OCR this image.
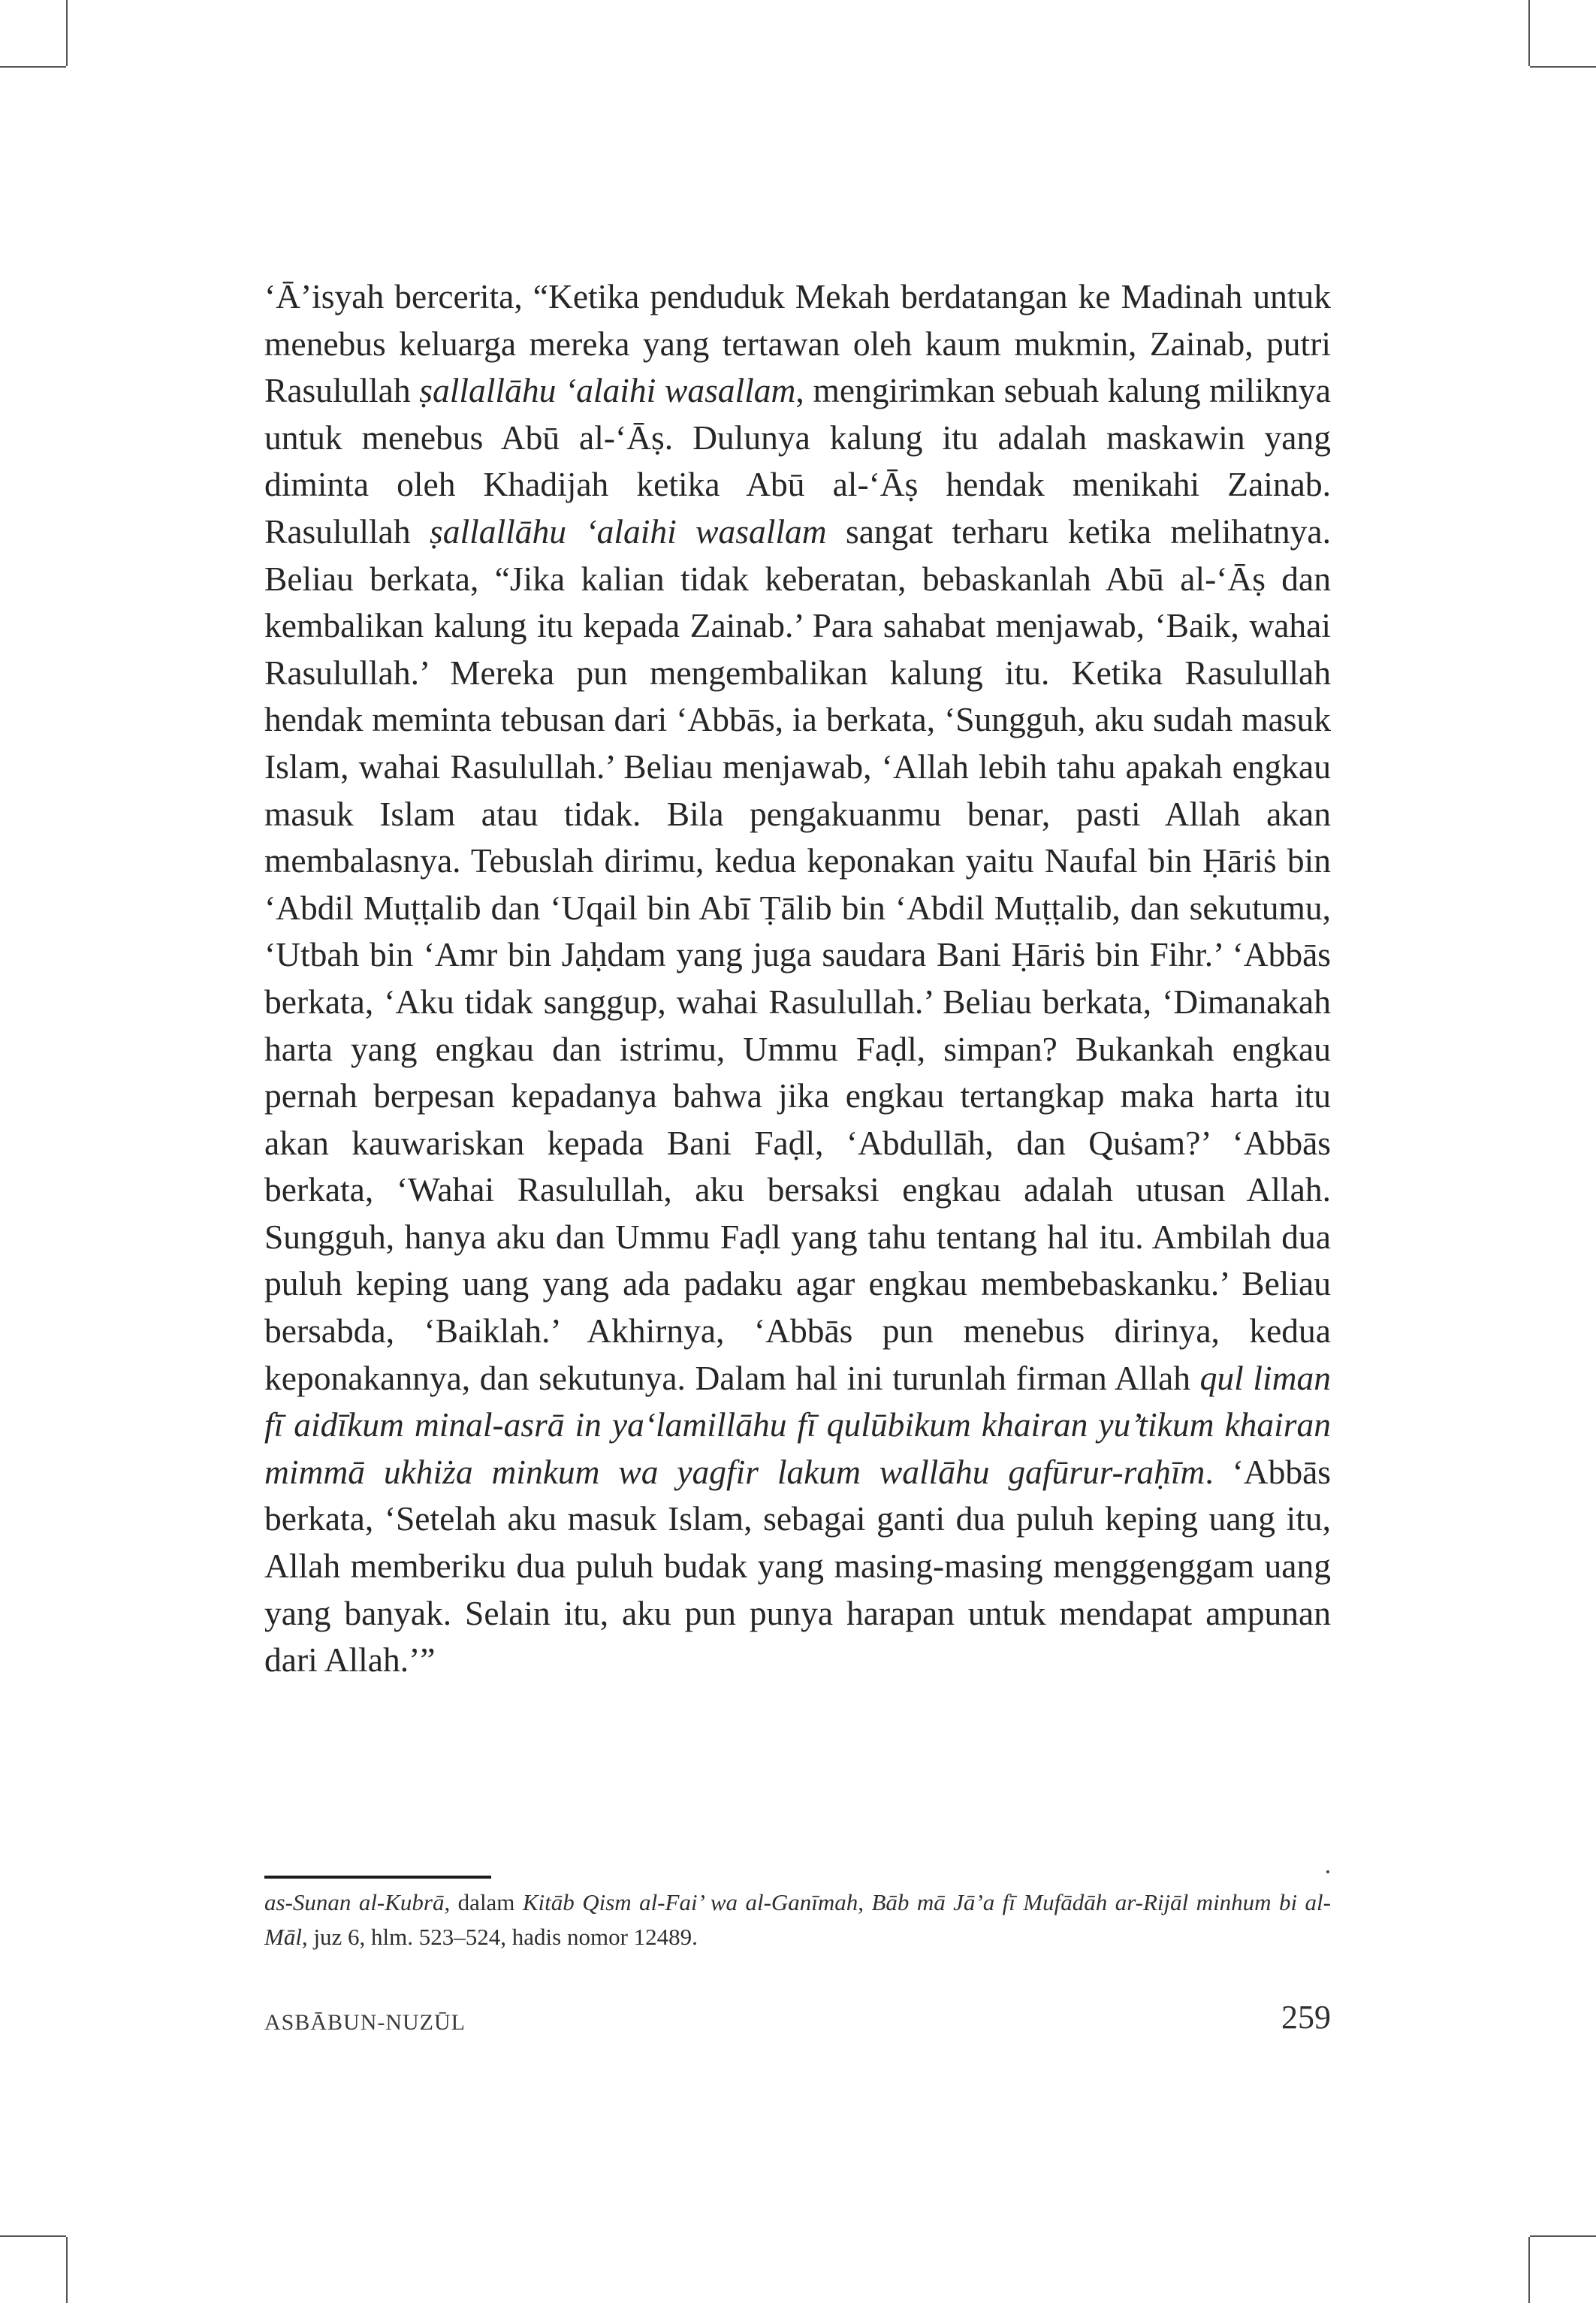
‘Ā’isyah bercerita, “Ketika penduduk Mekah berdatangan ke Madinah untuk menebus keluarga mereka yang tertawan oleh kaum mukmin, Zainab, putri Rasulullah ṣallallāhu ‘alaihi wasallam, mengirimkan sebuah kalung miliknya untuk menebus Abū al-‘Āṣ. Dulunya kalung itu adalah maskawin yang diminta oleh Khadijah ketika Abū al-‘Āṣ hendak menikahi Zainab. Rasulullah ṣallallāhu ‘alaihi wasallam sangat terharu ketika melihatnya. Beliau berkata, “Jika kalian tidak keberatan, bebaskanlah Abū al-‘Āṣ dan kembalikan kalung itu kepada Zainab.’ Para sahabat menjawab, ‘Baik, wahai Rasulullah.’ Mereka pun mengembalikan kalung itu. Ketika Rasulullah hendak meminta tebusan dari ‘Abbās, ia berkata, ‘Sungguh, aku sudah masuk Islam, wahai Rasulullah.’ Beliau menjawab, ‘Allah lebih tahu apakah engkau masuk Islam atau tidak. Bila pengakuanmu benar, pasti Allah akan membalasnya. Tebuslah dirimu, kedua keponakan yaitu Naufal bin Ḥāriṡ bin ‘Abdil Muṭṭalib dan ‘Uqail bin Abī Ṭālib bin ‘Abdil Muṭṭalib, dan sekutumu, ‘Utbah bin ‘Amr bin Jaḥdam yang juga saudara Bani Ḥāriṡ bin Fihr.’ ‘Abbās berkata, ‘Aku tidak sanggup, wahai Rasulullah.’ Beliau berkata, ‘Dimanakah harta yang engkau dan istrimu, Ummu Faḍl, simpan? Bukankah engkau pernah berpesan kepadanya bahwa jika engkau tertangkap maka harta itu akan kauwariskan kepada Bani Faḍl, ‘Abdullāh, dan Quṡam?’ ‘Abbās berkata, ‘Wahai Rasulullah, aku bersaksi engkau adalah utusan Allah. Sungguh, hanya aku dan Ummu Faḍl yang tahu tentang hal itu. Ambilah dua puluh keping uang yang ada padaku agar engkau membebaskanku.’ Beliau bersabda, ‘Baiklah.’ Akhirnya, ‘Abbās pun menebus dirinya, kedua keponakannya, dan sekutunya. Dalam hal ini turunlah firman Allah qul liman fī aidīkum minal-asrā in ya‘lamillāhu fī qulūbikum khairan yu’tikum khairan mimmā ukhiża minkum wa yagfir lakum wallāhu gafūrur-raḥīm. ‘Abbās berkata, ‘Setelah aku masuk Islam, sebagai ganti dua puluh keping uang itu, Allah memberiku dua puluh budak yang masing-masing menggenggam uang yang banyak. Selain itu, aku pun punya harapan untuk mendapat ampunan dari Allah.’”

as-Sunan al-Kubrā, dalam Kitāb Qism al-Fai’ wa al-Ganīmah, Bāb mā Jā’a fī Mufādāh ar-Rijāl minhum bi al-Māl, juz 6, hlm. 523–524, hadis nomor 12489.
ASBĀBUN-NUZŪL	259
